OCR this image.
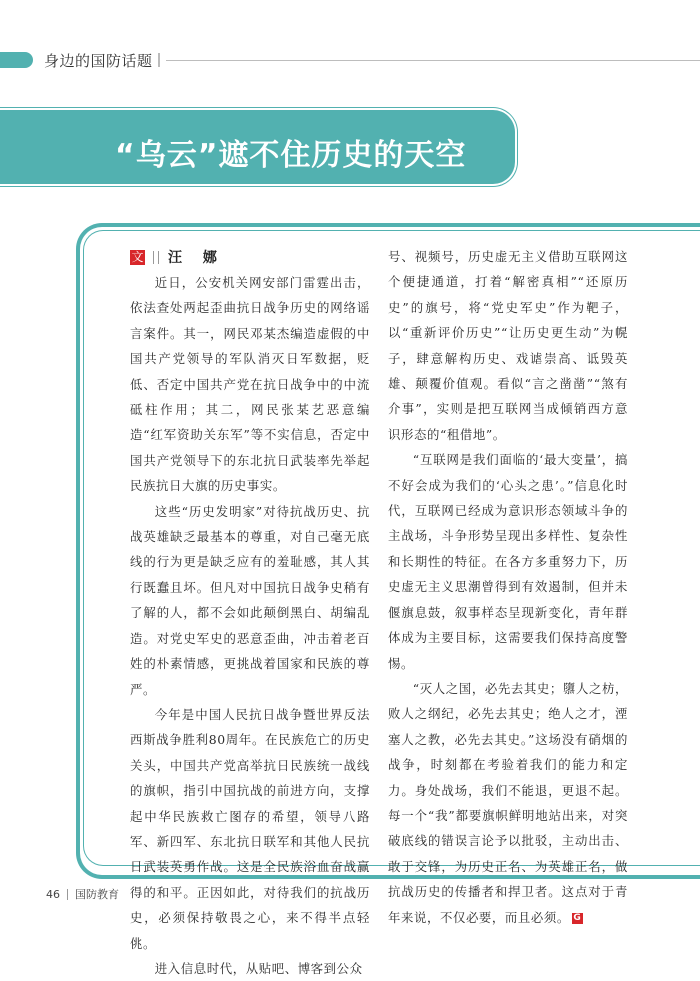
身边的国防话题
“乌云”遮不住历史的天空
文 汪 娜

近日，公安机关网安部门雷霆出击，依法查处两起歪曲抗日战争历史的网络谣言案件。其一，网民邓某杰编造虚假的中国共产党领导的军队消灭日军数据，贬低、否定中国共产党在抗日战争中的中流砥柱作用；其二，网民张某艺恶意编造“红军资助关东军”等不实信息，否定中国共产党领导下的东北抗日武装率先举起民族抗日大旗的历史事实。

这些“历史发明家”对待抗战历史、抗战英雄缺乏最基本的尊重，对自己毫无底线的行为更是缺乏应有的羞耻感，其人其行既蠢且坏。但凡对中国抗日战争史稍有了解的人，都不会如此颠倒黑白、胡编乱造。对党史军史的恶意歪曲，冲击着老百姓的朴素情感，更挑战着国家和民族的尊严。

今年是中国人民抗日战争暨世界反法西斯战争胜利80周年。在民族危亡的历史关头，中国共产党高举抗日民族统一战线的旗帜，指引中国抗战的前进方向，支撑起中华民族救亡图存的希望，领导八路军、新四军、东北抗日联军和其他人民抗日武装英勇作战。这是全民族浴血奋战赢得的和平。正因如此，对待我们的抗战历史，必须保持敬畏之心，来不得半点轻佻。

进入信息时代，从贴吧、博客到公众

号、视频号，历史虚无主义借助互联网这个便捷通道，打着“解密真相”“还原历史”的旗号，将“党史军史”作为靶子，以“重新评价历史”“让历史更生动”为幌子，肆意解构历史、戏谑崇高、诋毁英雄、颠覆价值观。看似“言之凿凿”“煞有介事”，实则是把互联网当成倾销西方意识形态的“租借地”。

“互联网是我们面临的‘最大变量’，搞不好会成为我们的‘心头之患’。”信息化时代，互联网已经成为意识形态领域斗争的主战场，斗争形势呈现出多样性、复杂性和长期性的特征。在各方多重努力下，历史虚无主义思潮曾得到有效遏制，但并未偃旗息鼓，叙事样态呈现新变化，青年群体成为主要目标，这需要我们保持高度警惕。

“灭人之国，必先去其史；隳人之枋，败人之纲纪，必先去其史；绝人之才，湮塞人之教，必先去其史。”这场没有硝烟的战争，时刻都在考验着我们的能力和定力。身处战场，我们不能退，更退不起。每一个“我”都要旗帜鲜明地站出来，对突破底线的错误言论予以批驳，主动出击、敢于交锋，为历史正名、为英雄正名，做抗战历史的传播者和捍卫者。这点对于青年来说，不仅必要，而且必须。 G

46 国防教育
